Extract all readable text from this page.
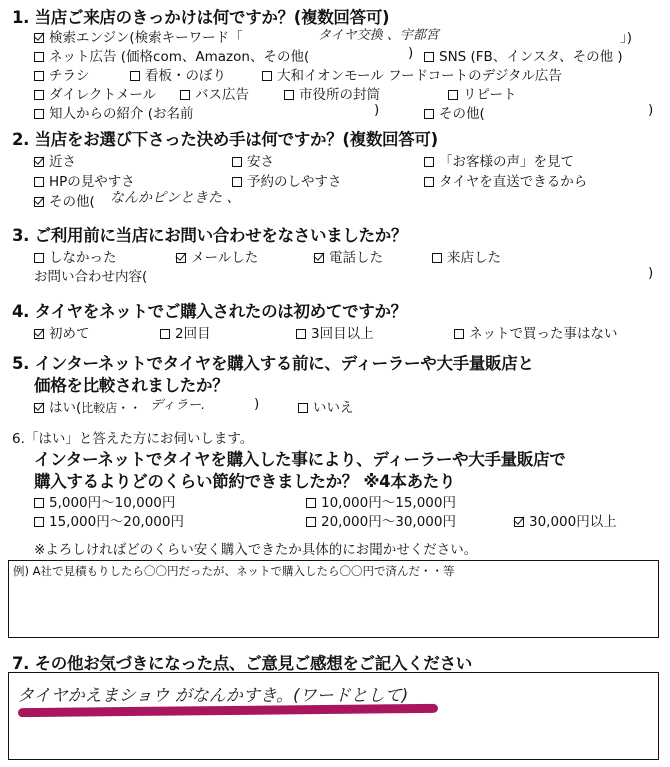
1. 当店ご来店のきっかけは何ですか？(複数回答可)
検索エンジン(検索キーワード「	タイヤ交換 、宇都宮	」)
ネット広告 (価格com、Amazon、その他(	)	SNS (FB、インスタ、その他 )
チラシ	看板・のぼり	大和イオンモール フードコートのデジタル広告
ダイレクトメール	バス広告	市役所の封筒	リピート
知人からの紹介 (お名前	)	その他(	)
2. 当店をお選び下さった決め手は何ですか？(複数回答可)
近さ	安さ	「お客様の声」を見て
HPの見やすさ	予約のしやすさ	タイヤを直送できるから
その他( なんかピンときた 、
3. ご利用前に当店にお問い合わせをなさいましたか？
しなかった	メールした	電話した	来店した
お問い合わせ内容(	)
4. タイヤをネットでご購入されたのは初めてですか？
初めて	2回目	3回目以上	ネットで買った事はない
5. インターネットでタイヤを購入する前に、ディーラーや大手量販店と
価格を比較されましたか？
はい(比較店・・ ディラー.	)	いいえ
6.「はい」と答えた方にお伺いします。
インターネットでタイヤを購入した事により、ディーラーや大手量販店で
購入するよりどのくらい節約できましたか？ ※4本あたり
5,000円～10,000円	10,000円～15,000円
15,000円～20,000円	20,000円～30,000円	30,000円以上
※よろしければどのくらい安く購入できたか具体的にお聞かせください。
例) A社で見積もりしたら〇〇円だったが、ネットで購入したら〇〇円で済んだ・・等
7. その他お気づきになった点、ご意見ご感想をご記入ください
タイヤかえまショウ がなんかすき。(ワードとして)
